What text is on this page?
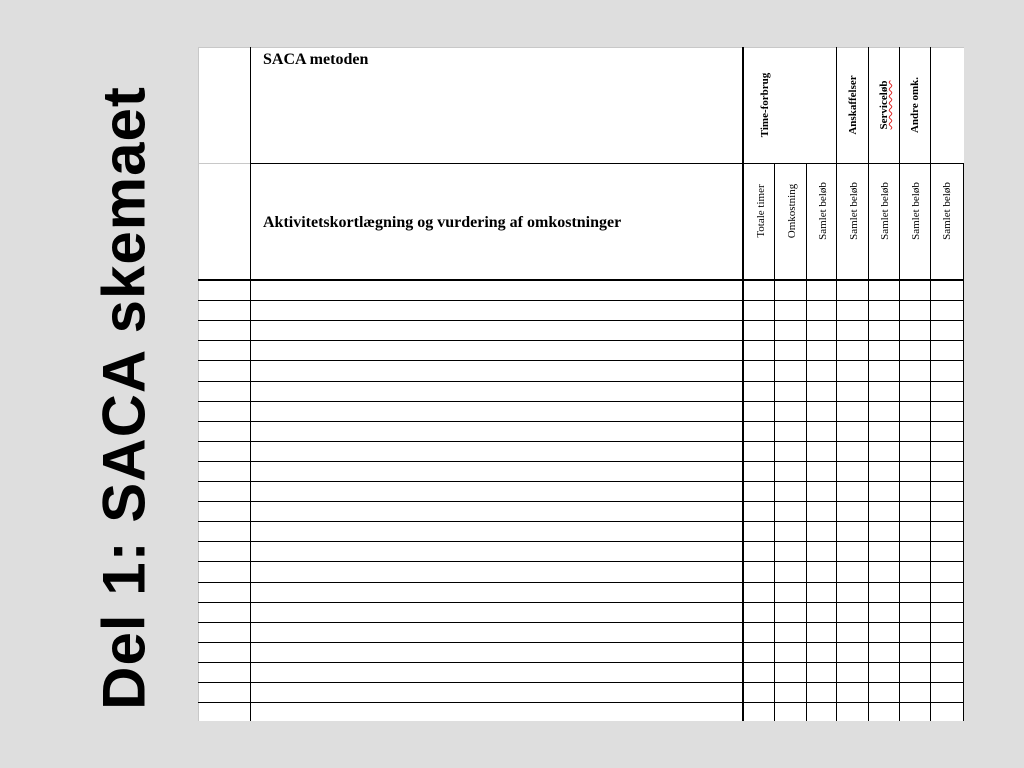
Del 1: SACA skemaet
SACA metoden
Aktivitetskortlægning og vurdering af omkostninger
Time-forbrug	Anskaffelser Serviceløb Andre omk.
Totale timer Omkostning Samlet beløb Samlet beløb Samlet beløb Samlet beløb Samlet beløb
